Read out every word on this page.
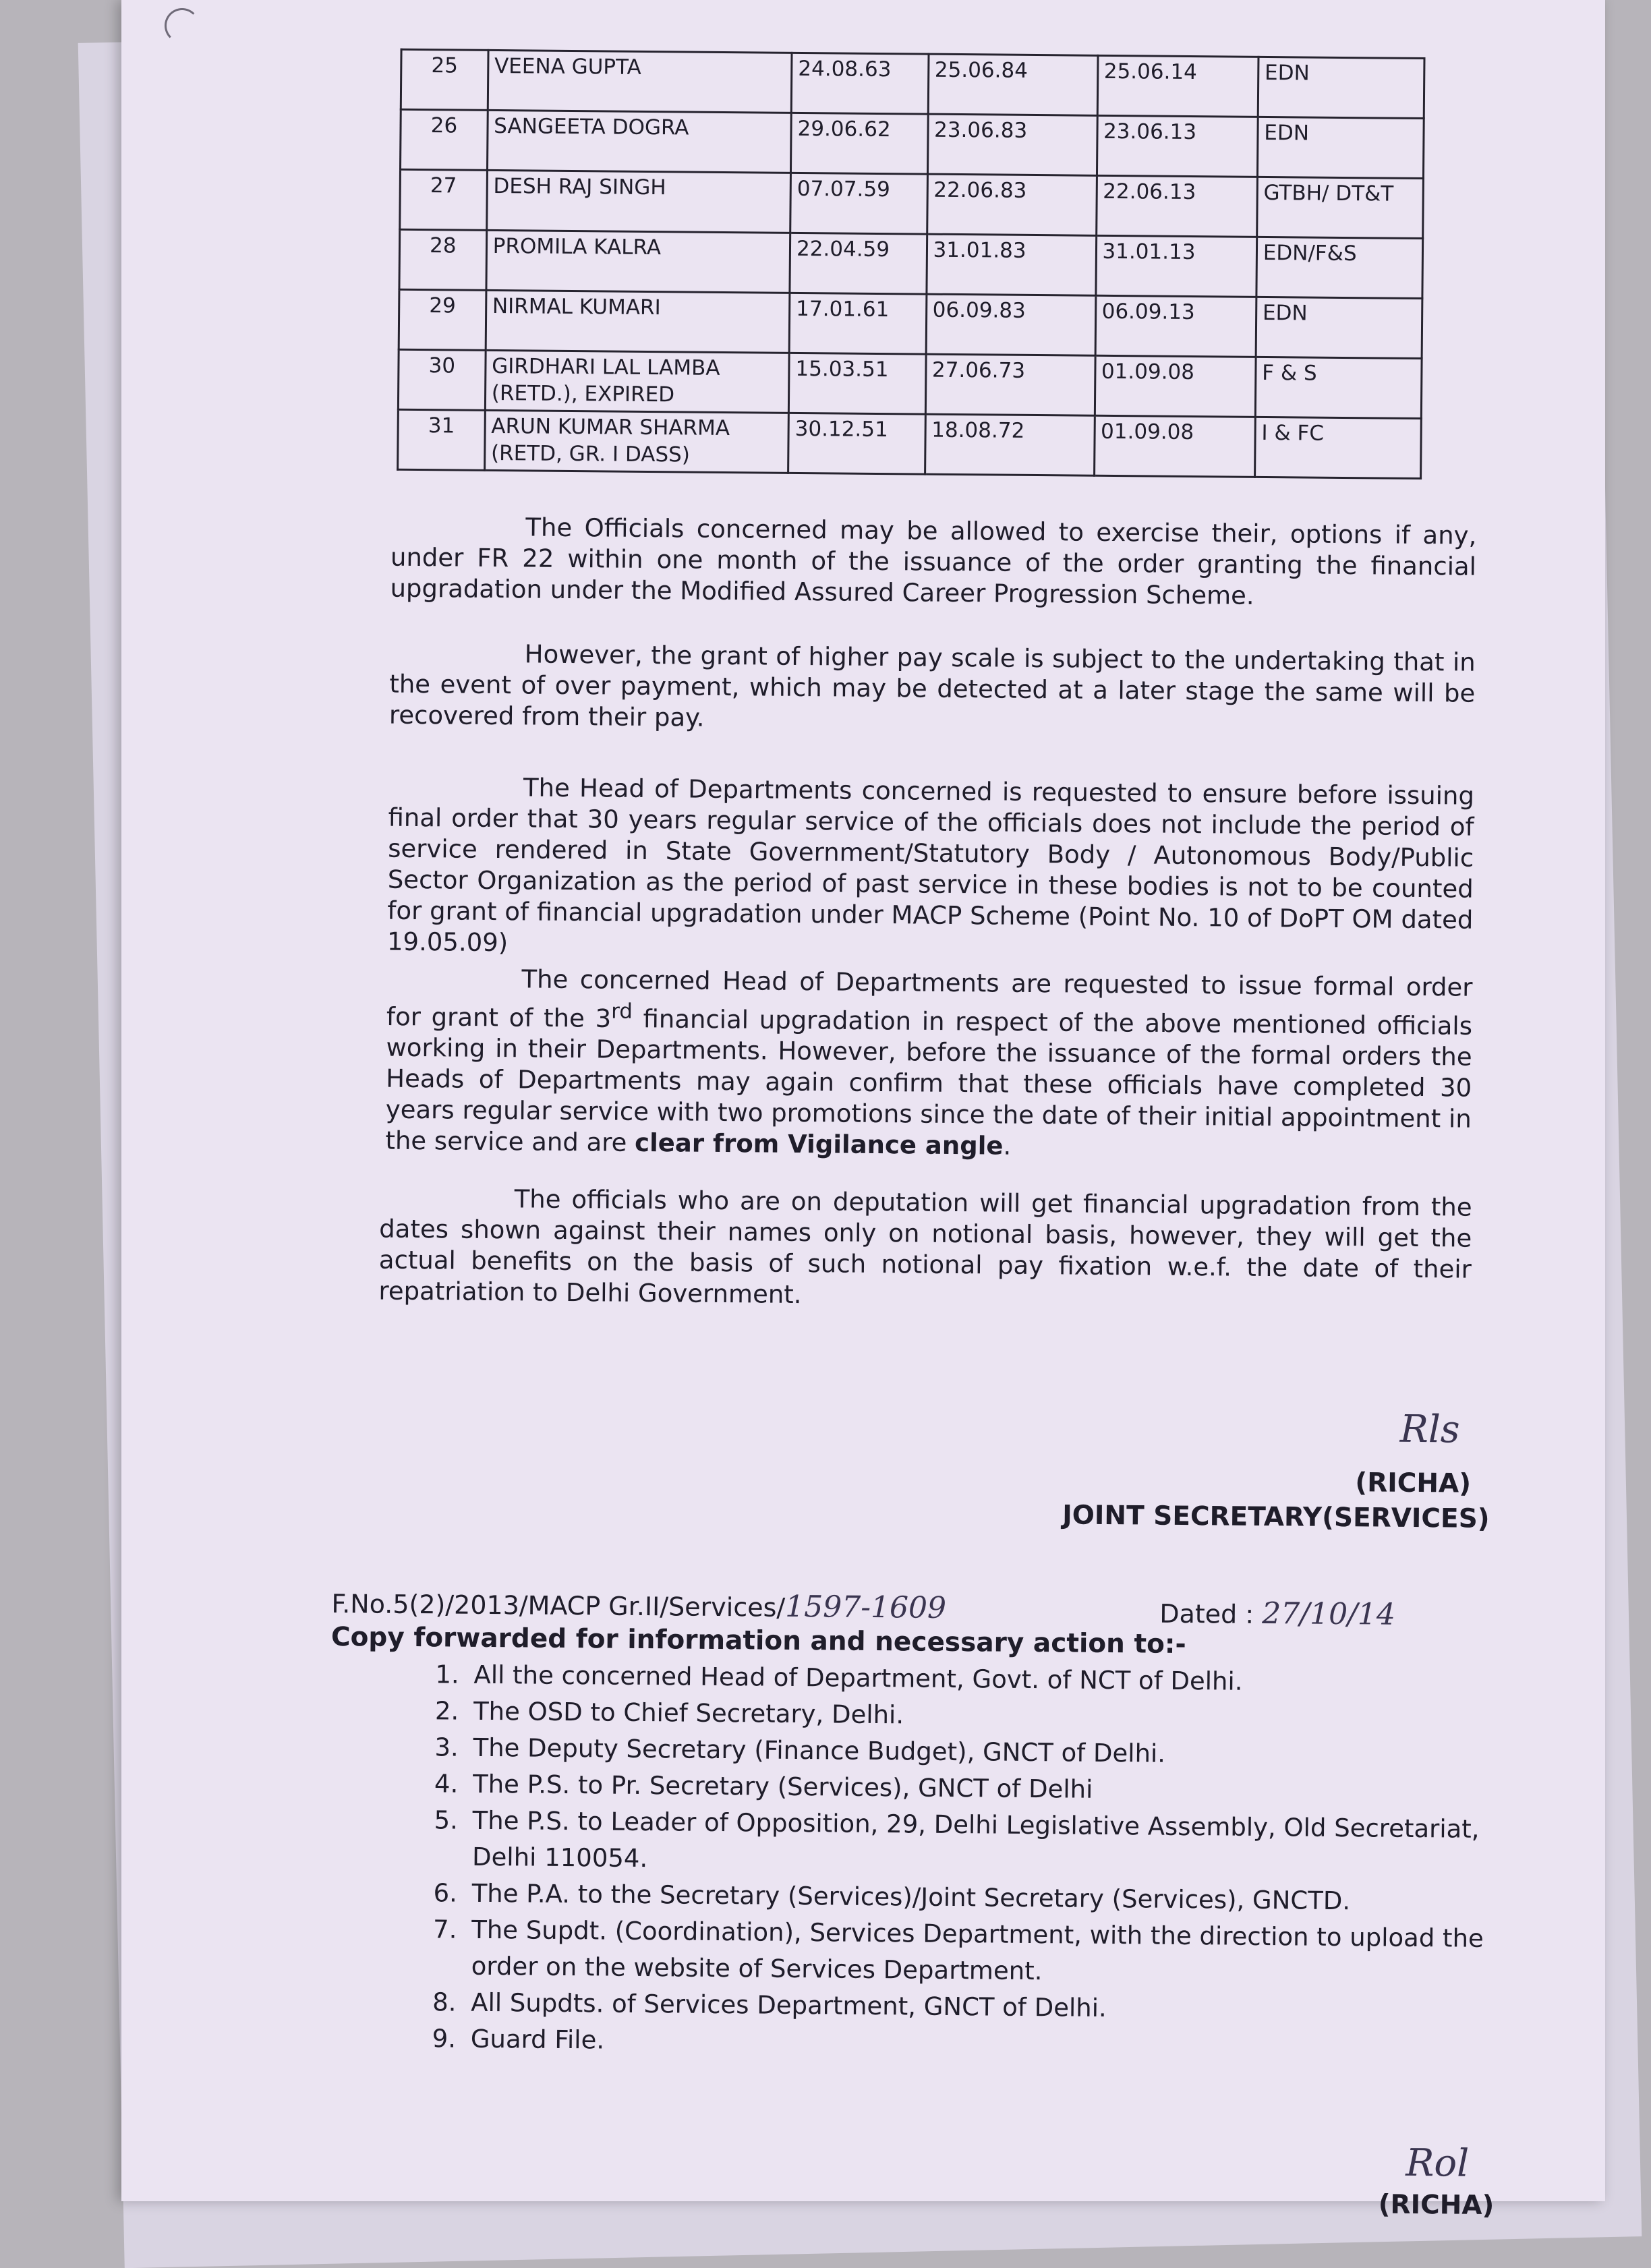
25	VEENA GUPTA	24.08.63	25.06.84	25.06.14	EDN
26	SANGEETA DOGRA	29.06.62	23.06.83	23.06.13	EDN
27	DESH RAJ SINGH	07.07.59	22.06.83	22.06.13	GTBH/ DT&T
28	PROMILA KALRA	22.04.59	31.01.83	31.01.13	EDN/F&S
29	NIRMAL KUMARI	17.01.61	06.09.83	06.09.13	EDN
30	GIRDHARI LAL LAMBA (RETD.), EXPIRED	15.03.51	27.06.73	01.09.08	F & S
31	ARUN KUMAR SHARMA (RETD, GR. I DASS)	30.12.51	18.08.72	01.09.08	I & FC

The Officials concerned may be allowed to exercise their, options if any, under FR 22 within one month of the issuance of the order granting the financial upgradation under the Modified Assured Career Progression Scheme.

However, the grant of higher pay scale is subject to the undertaking that in the event of over payment, which may be detected at a later stage the same will be recovered from their pay.

The Head of Departments concerned is requested to ensure before issuing final order that 30 years regular service of the officials does not include the period of service rendered in State Government/Statutory Body / Autonomous Body/Public Sector Organization as the period of past service in these bodies is not to be counted for grant of financial upgradation under MACP Scheme (Point No. 10 of DoPT OM dated 19.05.09)

The concerned Head of Departments are requested to issue formal order for grant of the 3rd financial upgradation in respect of the above mentioned officials working in their Departments. However, before the issuance of the formal orders the Heads of Departments may again confirm that these officials have completed 30 years regular service with two promotions since the date of their initial appointment in the service and are clear from Vigilance angle.

The officials who are on deputation will get financial upgradation from the dates shown against their names only on notional basis, however, they will get the actual benefits on the basis of such notional pay fixation w.e.f. the date of their repatriation to Delhi Government.

Rls
(RICHA)
JOINT SECRETARY(SERVICES)
F.No.5(2)/2013/MACP Gr.II/Services/1597-1609	Dated : 27/10/14
Copy forwarded for information and necessary action to:-
1. All the concerned Head of Department, Govt. of NCT of Delhi.
2. The OSD to Chief Secretary, Delhi.
3. The Deputy Secretary (Finance Budget), GNCT of Delhi.
4. The P.S. to Pr. Secretary (Services), GNCT of Delhi
5. The P.S. to Leader of Opposition, 29, Delhi Legislative Assembly, Old Secretariat, Delhi 110054.
6. The P.A. to the Secretary (Services)/Joint Secretary (Services), GNCTD.
7. The Supdt. (Coordination), Services Department, with the direction to upload the order on the website of Services Department.
8. All Supdts. of Services Department, GNCT of Delhi.
9. Guard File.
Rol
(RICHA)
